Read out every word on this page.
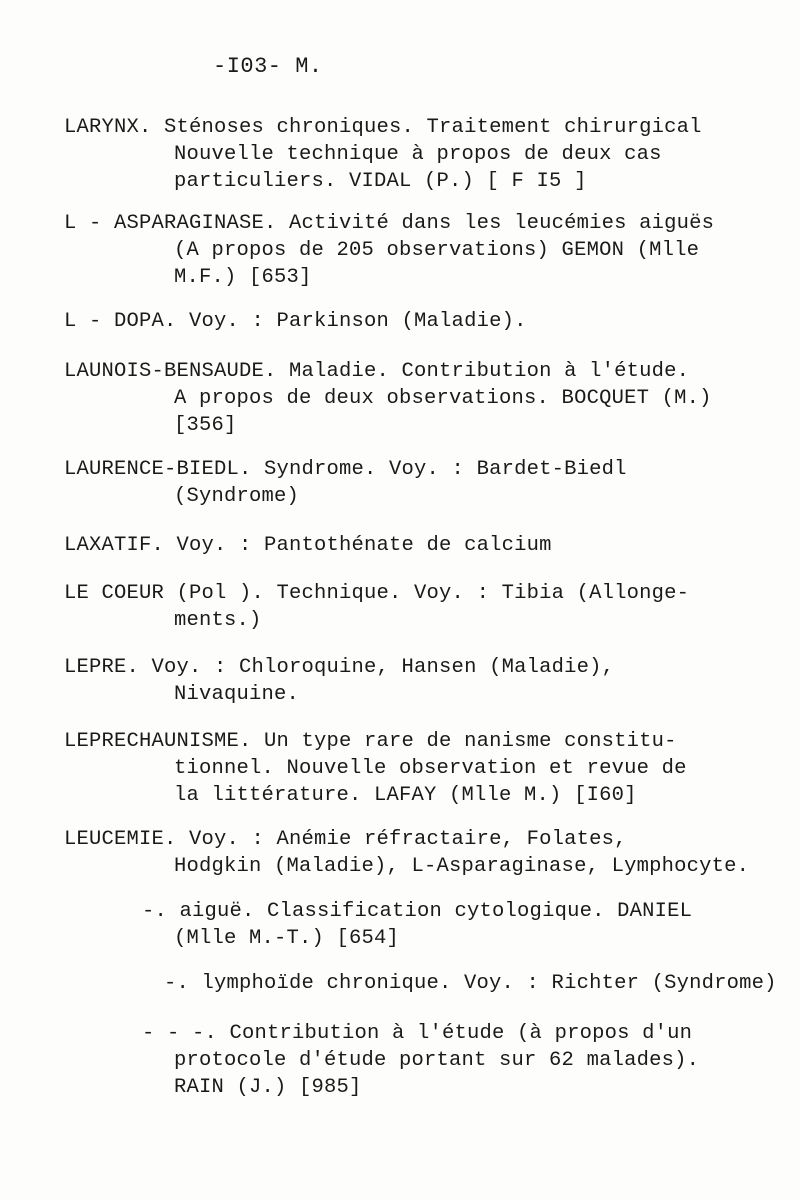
-I03- M.
LARYNX. Sténoses chroniques. Traitement chirurgical
Nouvelle technique à propos de deux cas
particuliers. VIDAL (P.) [ F I5 ]
L - ASPARAGINASE. Activité dans les leucémies aiguës
(A propos de 205 observations) GEMON (Mlle
M.F.) [653]
L - DOPA. Voy. : Parkinson (Maladie).
LAUNOIS-BENSAUDE. Maladie. Contribution à l'étude.
A propos de deux observations. BOCQUET (M.)
[356]
LAURENCE-BIEDL. Syndrome. Voy. : Bardet-Biedl
(Syndrome)
LAXATIF. Voy. : Pantothénate de calcium
LE COEUR (Pol ). Technique. Voy. : Tibia (Allonge-
ments.)
LEPRE. Voy. : Chloroquine, Hansen (Maladie),
Nivaquine.
LEPRECHAUNISME. Un type rare de nanisme constitu-
tionnel. Nouvelle observation et revue de
la littérature. LAFAY (Mlle M.) [I60]
LEUCEMIE. Voy. : Anémie réfractaire, Folates,
Hodgkin (Maladie), L-Asparaginase, Lymphocyte.
-. aiguë. Classification cytologique. DANIEL
(Mlle M.-T.) [654]
-. lymphoïde chronique. Voy. : Richter (Syndrome)
- - -. Contribution à l'étude (à propos d'un
protocole d'étude portant sur 62 malades).
RAIN (J.) [985]
